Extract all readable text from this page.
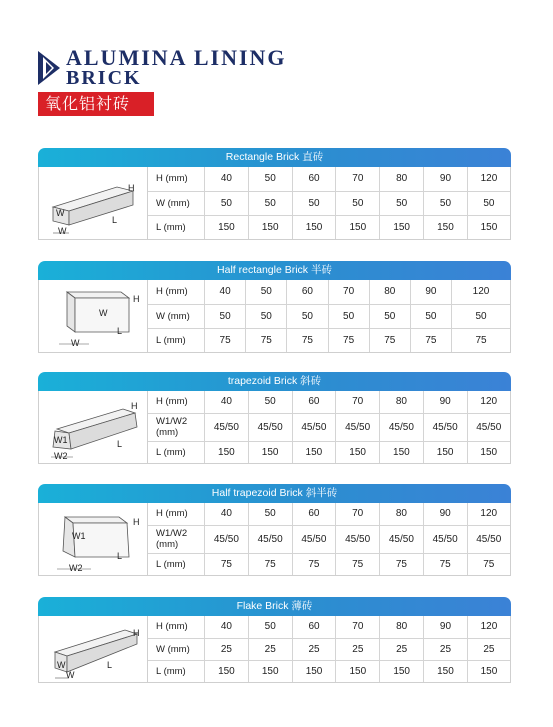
ALUMINA LINING
BRICK
氧化铝衬砖
Rectangle Brick 直砖
H
W
L
W
H (mm)	40	50	60	70	80	90	120
W (mm)	50	50	50	50	50	50	50
L (mm)	150	150	150	150	150	150	150
Half rectangle Brick 半砖
H
W
L
W
H (mm)	40	50	60	70	80	90	120
W (mm)	50	50	50	50	50	50	50
L (mm)	75	75	75	75	75	75	75
trapezoid Brick 斜砖
H
W1	L
W2
H (mm)	40	50	60	70	80	90	120
W1/W2 (mm)	45/50	45/50	45/50	45/50	45/50	45/50	45/50
L (mm)	150	150	150	150	150	150	150
Half trapezoid Brick 斜半砖
H
W1
L
W2
H (mm)	40	50	60	70	80	90	120
W1/W2 (mm)	45/50	45/50	45/50	45/50	45/50	45/50	45/50
L (mm)	75	75	75	75	75	75	75
Flake Brick 薄砖
H
W	L
W
H (mm)	40	50	60	70	80	90	120
W (mm)	25	25	25	25	25	25	25
L (mm)	150	150	150	150	150	150	150
